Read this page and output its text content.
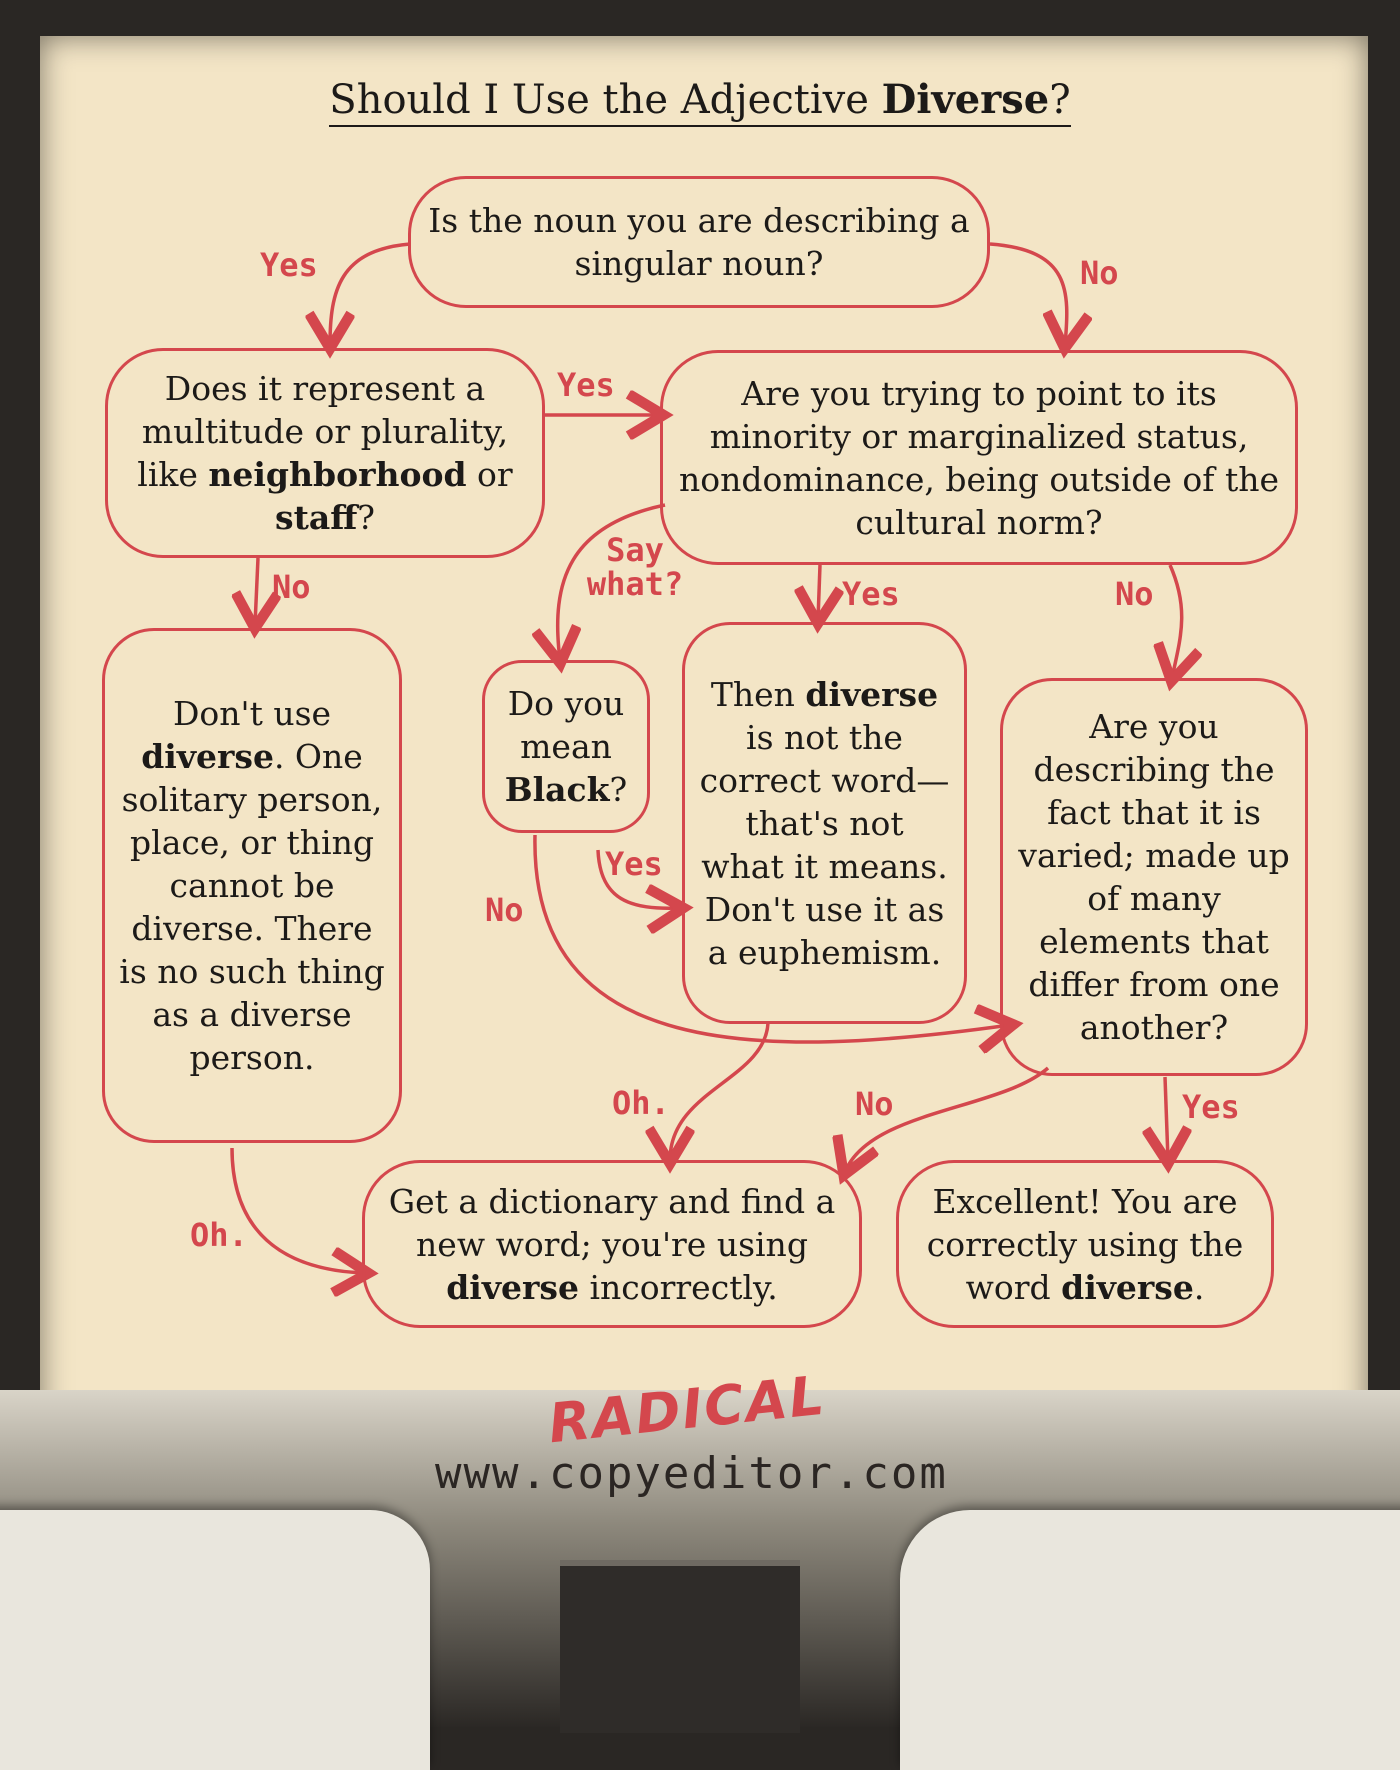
Should I Use the Adjective Diverse?
Is the noun you are describing a singular noun?
Does it represent a multitude or plurality, like neighborhood or staff?
Are you trying to point to its minority or marginalized status, nondominance, being outside of the cultural norm?
Don't use diverse. One solitary person, place, or thing cannot be diverse. There is no such thing as a diverse person.
Do you mean Black?
Then diverse is not the correct word—that's not what it means. Don't use it as a euphemism.
Are you describing the fact that it is varied; made up of many elements that differ from one another?
Get a dictionary and find a new word; you're using diverse incorrectly.
Excellent! You are correctly using the word diverse.
Yes	No
Yes
No
Say what?	Yes	No
Yes
No
Oh.
Oh.	No	Yes
RADICAL
www.copyeditor.com
